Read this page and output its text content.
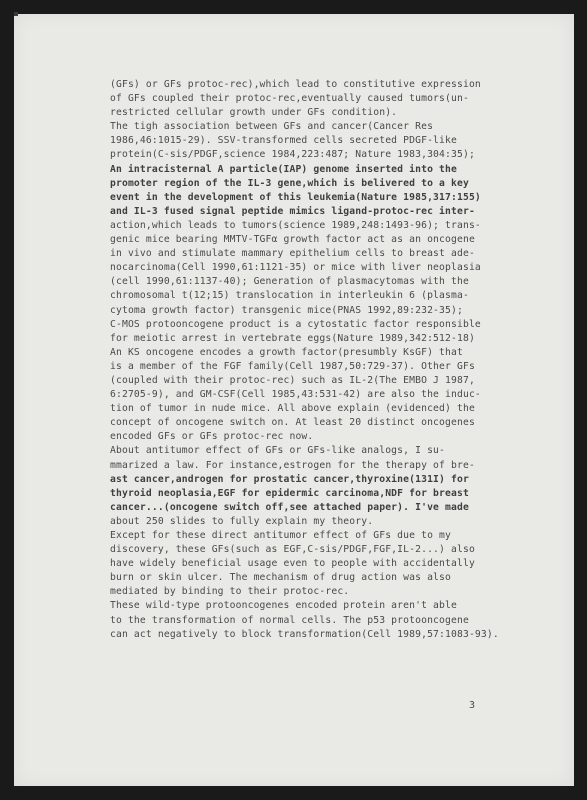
(GFs) or GFs protoc-rec),which lead to constitutive expression
of GFs coupled their protoc-rec,eventually caused tumors(un-
restricted cellular growth under GFs condition).
The tigh association between GFs and cancer(Cancer Res
1986,46:1015-29). SSV-transformed cells secreted PDGF-like
protein(C-sis/PDGF,science 1984,223:487; Nature 1983,304:35);
An intracisternal A particle(IAP) genome inserted into the
promoter region of the IL-3 gene,which is belivered to a key
event in the development of this leukemia(Nature 1985,317:155)
and IL-3 fused signal peptide mimics ligand-protoc-rec inter-
action,which leads to tumors(science 1989,248:1493-96); trans-
genic mice bearing MMTV-TGFα growth factor act as an oncogene
in vivo and stimulate mammary epithelium cells to breast ade-
nocarcinoma(Cell 1990,61:1121-35) or mice with liver neoplasia
(cell 1990,61:1137-40); Generation of plasmacytomas with the
chromosomal t(12;15) translocation in interleukin 6 (plasma-
cytoma growth factor) transgenic mice(PNAS 1992,89:232-35);
C-MOS protooncogene product is a cytostatic factor responsible
for meiotic arrest in vertebrate eggs(Nature 1989,342:512-18)
An KS oncogene encodes a growth factor(presumbly KsGF) that
is a member of the FGF family(Cell 1987,50:729-37). Other GFs
(coupled with their protoc-rec) such as IL-2(The EMBO J 1987,
6:2705-9), and GM-CSF(Cell 1985,43:531-42) are also the induc-
tion of tumor in nude mice. All above explain (evidenced) the
concept of oncogene switch on. At least 20 distinct oncogenes
encoded GFs or GFs protoc-rec now.
About antitumor effect of GFs or GFs-like analogs, I su-
mmarized a law. For instance,estrogen for the therapy of bre-
ast cancer,androgen for prostatic cancer,thyroxine(131I) for
thyroid neoplasia,EGF for epidermic carcinoma,NDF for breast
cancer...(oncogene switch off,see attached paper). I've made
about 250 slides to fully explain my theory.
Except for these direct antitumor effect of GFs due to my
discovery, these GFs(such as EGF,C-sis/PDGF,FGF,IL-2...) also
have widely beneficial usage even to people with accidentally
burn or skin ulcer. The mechanism of drug action was also
mediated by binding to their protoc-rec.
These wild-type protooncogenes encoded protein aren't able
to the transformation of normal cells. The p53 protooncogene
can act negatively to block transformation(Cell 1989,57:1083-93).
3
